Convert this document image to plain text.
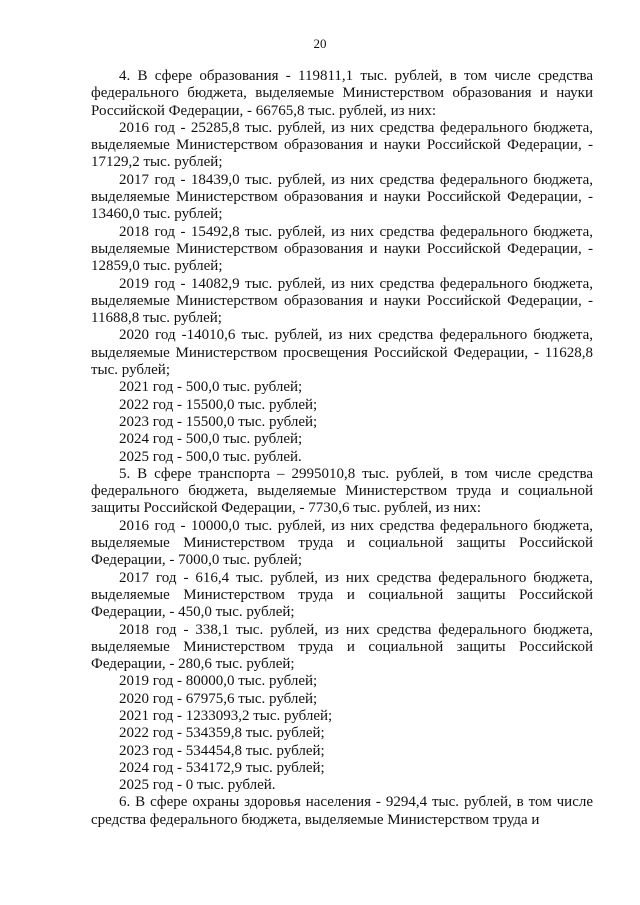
20

4. В сфере образования - 119811,1 тыс. рублей, в том числе средства федерального бюджета, выделяемые Министерством образования и науки Российской Федерации, - 66765,8 тыс. рублей, из них:

2016 год - 25285,8 тыс. рублей, из них средства федерального бюджета, выделяемые Министерством образования и науки Российской Федерации, - 17129,2 тыс. рублей;

2017 год - 18439,0 тыс. рублей, из них средства федерального бюджета, выделяемые Министерством образования и науки Российской Федерации, - 13460,0 тыс. рублей;

2018 год - 15492,8 тыс. рублей, из них средства федерального бюджета, выделяемые Министерством образования и науки Российской Федерации, - 12859,0 тыс. рублей;

2019 год - 14082,9 тыс. рублей, из них средства федерального бюджета, выделяемые Министерством образования и науки Российской Федерации, - 11688,8 тыс. рублей;

2020 год -14010,6 тыс. рублей, из них средства федерального бюджета, выделяемые Министерством просвещения Российской Федерации, - 11628,8 тыс. рублей;

2021 год - 500,0 тыс. рублей;

2022 год - 15500,0 тыс. рублей;

2023 год - 15500,0 тыс. рублей;

2024 год - 500,0 тыс. рублей;

2025 год - 500,0 тыс. рублей.

5. В сфере транспорта – 2995010,8 тыс. рублей, в том числе средства федерального бюджета, выделяемые Министерством труда и социальной защиты Российской Федерации, - 7730,6 тыс. рублей, из них:

2016 год - 10000,0 тыс. рублей, из них средства федерального бюджета, выделяемые Министерством труда и социальной защиты Российской Федерации, - 7000,0 тыс. рублей;

2017 год - 616,4 тыс. рублей, из них средства федерального бюджета, выделяемые Министерством труда и социальной защиты Российской Федерации, - 450,0 тыс. рублей;

2018 год - 338,1 тыс. рублей, из них средства федерального бюджета, выделяемые Министерством труда и социальной защиты Российской Федерации, - 280,6 тыс. рублей;

2019 год - 80000,0 тыс. рублей;

2020 год - 67975,6 тыс. рублей;

2021 год - 1233093,2 тыс. рублей;

2022 год - 534359,8 тыс. рублей;

2023 год - 534454,8 тыс. рублей;

2024 год - 534172,9 тыс. рублей;

2025 год - 0 тыс. рублей.

6. В сфере охраны здоровья населения - 9294,4 тыс. рублей, в том числе средства федерального бюджета, выделяемые Министерством труда и
